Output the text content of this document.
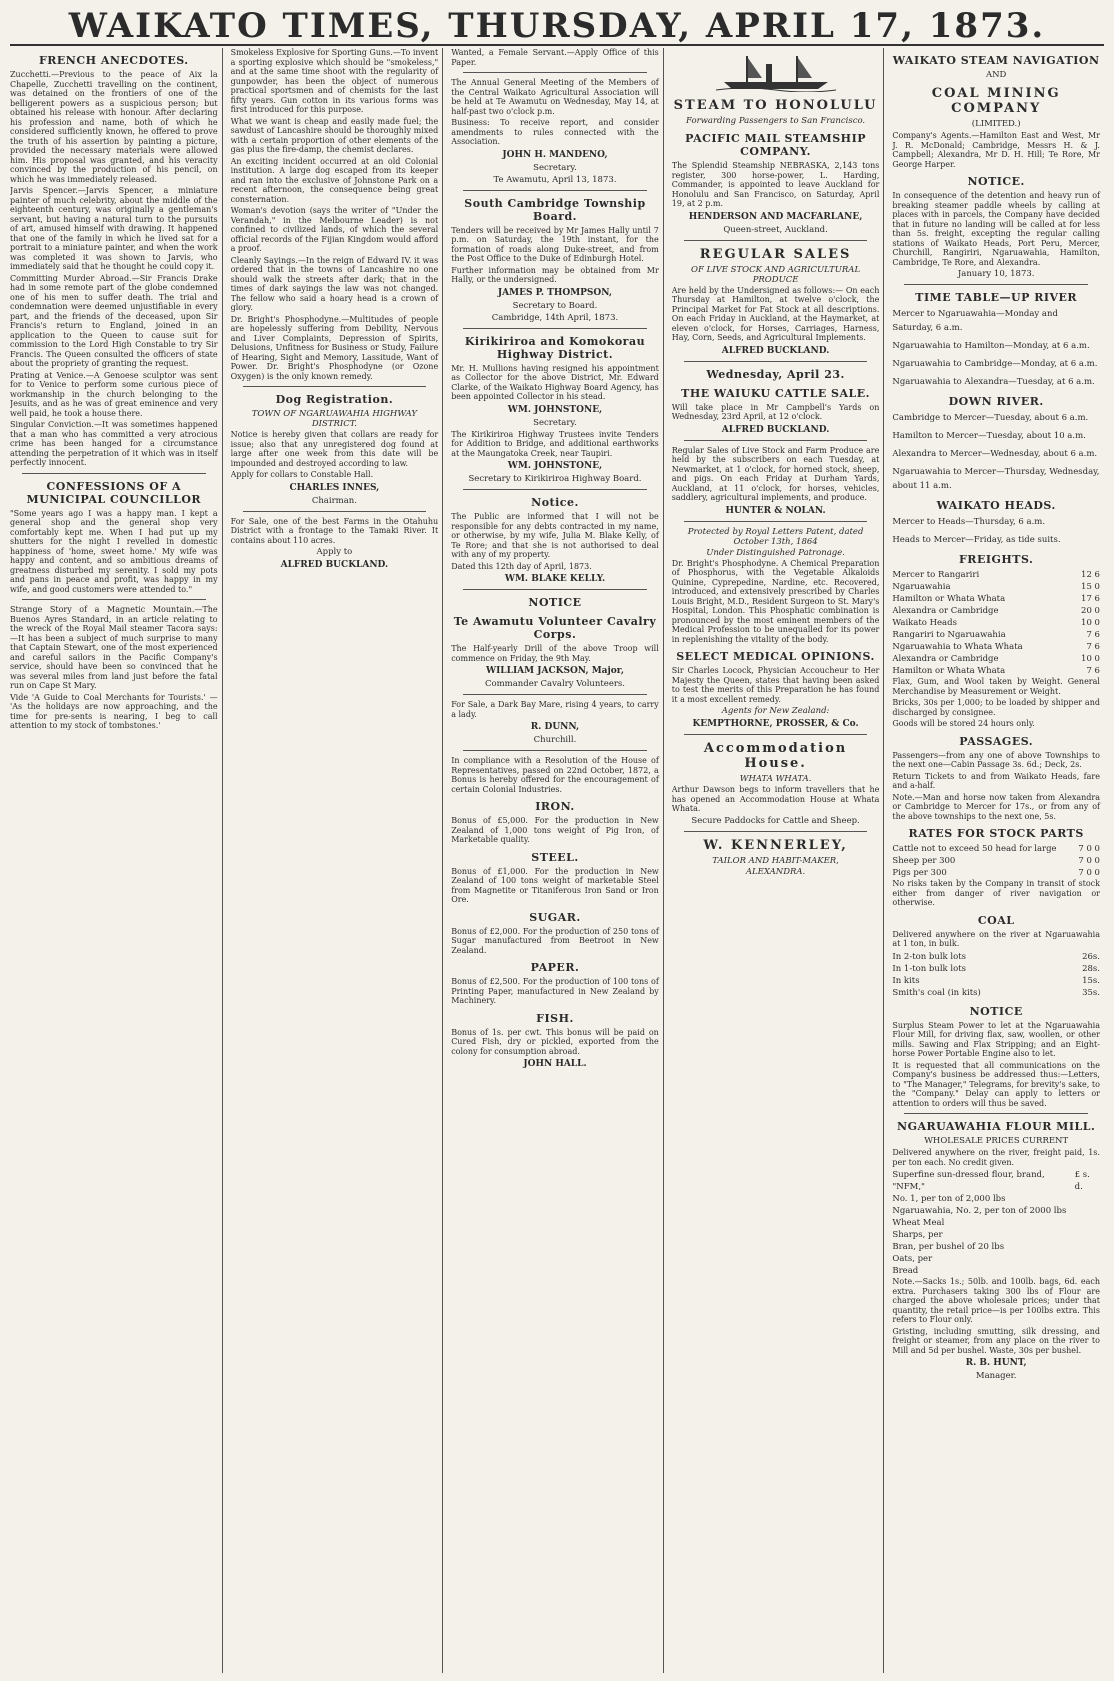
WAIKATO TIMES, THURSDAY, APRIL 17, 1873.
FRENCH ANECDOTES.

Zucchetti.—Previous to the peace of Aix la Chapelle, Zucchetti travelling on the continent, was detained on the frontiers of one of the belligerent powers as a suspicious person; but obtained his release with honour. After declaring his profession and name, both of which he considered sufficiently known, he offered to prove the truth of his assertion by painting a picture, provided the necessary materials were allowed him. His proposal was granted, and his veracity convinced by the production of his pencil, on which he was immediately released.

Jarvis Spencer.—Jarvis Spencer, a miniature painter of much celebrity, about the middle of the eighteenth century, was originally a gentleman's servant, but having a natural turn to the pursuits of art, amused himself with drawing. It happened that one of the family in which he lived sat for a portrait to a miniature painter, and when the work was completed it was shown to Jarvis, who immediately said that he thought he could copy it.

Committing Murder Abroad.—Sir Francis Drake had in some remote part of the globe condemned one of his men to suffer death. The trial and condemnation were deemed unjustifiable in every part, and the friends of the deceased, upon Sir Francis's return to England, joined in an application to the Queen to cause suit for commission to the Lord High Constable to try Sir Francis. The Queen consulted the officers of state about the propriety of granting the request.

Prating at Venice.—A Genoese sculptor was sent for to Venice to perform some curious piece of workmanship in the church belonging to the Jesuits, and as he was of great eminence and very well paid, he took a house there.

Singular Conviction.—It was sometimes happened that a man who has committed a very atrocious crime has been hanged for a circumstance attending the perpetration of it which was in itself perfectly innocent.

CONFESSIONS OF A MUNICIPAL COUNCILLOR

"Some years ago I was a happy man. I kept a general shop and the general shop very comfortably kept me. When I had put up my shutters for the night I revelled in domestic happiness of 'home, sweet home.' My wife was happy and content, and so ambitious dreams of greatness disturbed my serenity. I sold my pots and pans in peace and profit, was happy in my wife, and good customers were attended to."

Strange Story of a Magnetic Mountain.—The Buenos Ayres Standard, in an article relating to the wreck of the Royal Mail steamer Tacora says:—It has been a subject of much surprise to many that Captain Stewart, one of the most experienced and careful sailors in the Pacific Company's service, should have been so convinced that he was several miles from land just before the fatal run on Cape St Mary.

Vide 'A Guide to Coal Merchants for Tourists.' — 'As the holidays are now approaching, and the time for pre-sents is nearing, I beg to call attention to my stock of tombstones.'

Smokeless Explosive for Sporting Guns.—To invent a sporting explosive which should be "smokeless," and at the same time shoot with the regularity of gunpowder, has been the object of numerous practical sportsmen and of chemists for the last fifty years. Gun cotton in its various forms was first introduced for this purpose.

What we want is cheap and easily made fuel; the sawdust of Lancashire should be thoroughly mixed with a certain proportion of other elements of the gas plus the fire-damp, the chemist declares.

An exciting incident occurred at an old Colonial institution. A large dog escaped from its keeper and ran into the exclusive of Johnstone Park on a recent afternoon, the consequence being great consternation.

Woman's devotion (says the writer of "Under the Verandah," in the Melbourne Leader) is not confined to civilized lands, of which the several official records of the Fijian Kingdom would afford a proof.

Cleanly Sayings.—In the reign of Edward IV. it was ordered that in the towns of Lancashire no one should walk the streets after dark; that in the times of dark sayings the law was not changed. The fellow who said a hoary head is a crown of glory.

Dr. Bright's Phosphodyne.—Multitudes of people are hopelessly suffering from Debility, Nervous and Liver Complaints, Depression of Spirits, Delusions, Unfitness for Business or Study, Failure of Hearing, Sight and Memory, Lassitude, Want of Power. Dr. Bright's Phosphodyne (or Ozone Oxygen) is the only known remedy.

Dog Registration.
TOWN OF NGARUAWAHIA HIGHWAY DISTRICT.

Notice is hereby given that collars are ready for issue; also that any unregistered dog found at large after one week from this date will be impounded and destroyed according to law.

Apply for collars to Constable Hall.

CHARLES INNES,
Chairman.

For Sale, one of the best Farms in the Otahuhu District with a frontage to the Tamaki River. It contains about 110 acres.

Apply to
ALFRED BUCKLAND.

Wanted, a Female Servant.—Apply Office of this Paper.

The Annual General Meeting of the Members of the Central Waikato Agricultural Association will be held at Te Awamutu on Wednesday, May 14, at half-past two o'clock p.m.

Business: To receive report, and consider amendments to rules connected with the Association.

JOHN H. MANDENO,
Secretary.
Te Awamutu, April 13, 1873.
South Cambridge Township Board.

Tenders will be received by Mr James Hally until 7 p.m. on Saturday, the 19th instant, for the formation of roads along Duke-street, and from the Post Office to the Duke of Edinburgh Hotel.

Further information may be obtained from Mr Hally, or the undersigned.

JAMES P. THOMPSON,
Secretary to Board.
Cambridge, 14th April, 1873.
Kirikiriroa and Komokorau Highway District.

Mr. H. Mullions having resigned his appointment as Collector for the above District, Mr. Edward Clarke, of the Waikato Highway Board Agency, has been appointed Collector in his stead.

WM. JOHNSTONE,
Secretary.

The Kirikiriroa Highway Trustees invite Tenders for Addition to Bridge, and additional earthworks at the Maungatoka Creek, near Taupiri.

WM. JOHNSTONE,
Secretary to Kirikiriroa Highway Board.
Notice.

The Public are informed that I will not be responsible for any debts contracted in my name, or otherwise, by my wife, Julia M. Blake Kelly, of Te Rore; and that she is not authorised to deal with any of my property.

Dated this 12th day of April, 1873.

WM. BLAKE KELLY.
NOTICE
Te Awamutu Volunteer Cavalry Corps.

The Half-yearly Drill of the above Troop will commence on Friday, the 9th May.

WILLIAM JACKSON, Major,
Commander Cavalry Volunteers.

For Sale, a Dark Bay Mare, rising 4 years, to carry a lady.

R. DUNN,
Churchill.

In compliance with a Resolution of the House of Representatives, passed on 22nd October, 1872, a Bonus is hereby offered for the encouragement of certain Colonial Industries.

IRON.

Bonus of £5,000. For the production in New Zealand of 1,000 tons weight of Pig Iron, of Marketable quality.

STEEL.

Bonus of £1,000. For the production in New Zealand of 100 tons weight of marketable Steel from Magnetite or Titaniferous Iron Sand or Iron Ore.

SUGAR.

Bonus of £2,000. For the production of 250 tons of Sugar manufactured from Beetroot in New Zealand.

PAPER.

Bonus of £2,500. For the production of 100 tons of Printing Paper, manufactured in New Zealand by Machinery.

FISH.

Bonus of 1s. per cwt. This bonus will be paid on Cured Fish, dry or pickled, exported from the colony for consumption abroad.

JOHN HALL.
STEAM TO HONOLULU
Forwarding Passengers to San Francisco.
PACIFIC MAIL STEAMSHIP COMPANY.

The Splendid Steamship NEBRASKA, 2,143 tons register, 300 horse-power, L. Harding, Commander, is appointed to leave Auckland for Honolulu and San Francisco, on Saturday, April 19, at 2 p.m.

HENDERSON AND MACFARLANE,
Queen-street, Auckland.
REGULAR SALES
OF LIVE STOCK AND AGRICULTURAL PRODUCE

Are held by the Undersigned as follows:— On each Thursday at Hamilton, at twelve o'clock, the Principal Market for Fat Stock at all descriptions. On each Friday in Auckland, at the Haymarket, at eleven o'clock, for Horses, Carriages, Harness, Hay, Corn, Seeds, and Agricultural Implements.

ALFRED BUCKLAND.
Wednesday, April 23.
THE WAIUKU CATTLE SALE.

Will take place in Mr Campbell's Yards on Wednesday, 23rd April, at 12 o'clock.

ALFRED BUCKLAND.

Regular Sales of Live Stock and Farm Produce are held by the subscribers on each Tuesday, at Newmarket, at 1 o'clock, for horned stock, sheep, and pigs. On each Friday at Durham Yards, Auckland, at 11 o'clock, for horses, vehicles, saddlery, agricultural implements, and produce.

HUNTER & NOLAN.
Protected by Royal Letters Patent, dated October 13th, 1864
Under Distinguished Patronage.

Dr. Bright's Phosphodyne. A Chemical Preparation of Phosphorus, with the Vegetable Alkaloids Quinine, Cyprepedine, Nardine, etc. Recovered, introduced, and extensively prescribed by Charles Louis Bright, M.D., Resident Surgeon to St. Mary's Hospital, London. This Phosphatic combination is pronounced by the most eminent members of the Medical Profession to be unequalled for its power in replenishing the vitality of the body.

SELECT MEDICAL OPINIONS.

Sir Charles Locock, Physician Accoucheur to Her Majesty the Queen, states that having been asked to test the merits of this Preparation he has found it a most excellent remedy.

Agents for New Zealand:
KEMPTHORNE, PROSSER, & Co.
Accommodation House.
WHATA WHATA.

Arthur Dawson begs to inform travellers that he has opened an Accommodation House at Whata Whata.

Secure Paddocks for Cattle and Sheep.
W. KENNERLEY,
TAILOR AND HABIT-MAKER,
ALEXANDRA.
WAIKATO STEAM NAVIGATION
AND
COAL MINING COMPANY
(LIMITED.)

Company's Agents.—Hamilton East and West, Mr J. R. McDonald; Cambridge, Messrs H. & J. Campbell; Alexandra, Mr D. H. Hill; Te Rore, Mr George Harper.

NOTICE.

In consequence of the detention and heavy run of breaking steamer paddle wheels by calling at places with in parcels, the Company have decided that in future no landing will be called at for less than 5s. freight, excepting the regular calling stations of Waikato Heads, Port Peru, Mercer, Churchill, Rangiriri, Ngaruawahia, Hamilton, Cambridge, Te Rore, and Alexandra.

January 10, 1873.
TIME TABLE—UP RIVER
Mercer to Ngaruawahia—Monday and Saturday, 6 a.m.
Ngaruawahia to Hamilton—Monday, at 6 a.m.
Ngaruawahia to Cambridge—Monday, at 6 a.m.
Ngaruawahia to Alexandra—Tuesday, at 6 a.m.
DOWN RIVER.
Cambridge to Mercer—Tuesday, about 6 a.m.
Hamilton to Mercer—Tuesday, about 10 a.m.
Alexandra to Mercer—Wednesday, about 6 a.m.
Ngaruawahia to Mercer—Thursday, Wednesday, about 11 a.m.
WAIKATO HEADS.
Mercer to Heads—Thursday, 6 a.m.
Heads to Mercer—Friday, as tide suits.
FREIGHTS.
Mercer to Rangariri	12 6
Ngaruawahia	15 0
Hamilton or Whata Whata	17 6
Alexandra or Cambridge	20 0
Waikato Heads	10 0
Rangariri to Ngaruawahia	7 6
Ngaruawahia to Whata Whata	7 6
Alexandra or Cambridge	10 0
Hamilton or Whata Whata	7 6

Flax, Gum, and Wool taken by Weight. General Merchandise by Measurement or Weight.

Bricks, 30s per 1,000; to be loaded by shipper and discharged by consignee.

Goods will be stored 24 hours only.

PASSAGES.

Passengers—from any one of above Townships to the next one—Cabin Passage 3s. 6d.; Deck, 2s.

Return Tickets to and from Waikato Heads, fare and a-half.

Note.—Man and horse now taken from Alexandra or Cambridge to Mercer for 17s., or from any of the above townships to the next one, 5s.

RATES FOR STOCK PARTS
Cattle not to exceed 50 head for large	7 0 0
Sheep per 300	7 0 0
Pigs per 300	7 0 0

No risks taken by the Company in transit of stock either from danger of river navigation or otherwise.

COAL

Delivered anywhere on the river at Ngaruawahia at 1 ton, in bulk.

In 2-ton bulk lots	26s.
In 1-ton bulk lots	28s.
In kits	15s.
Smith's coal (in kits)	35s.
NOTICE

Surplus Steam Power to let at the Ngaruawahia Flour Mill, for driving flax, saw, woollen, or other mills. Sawing and Flax Stripping; and an Eight-horse Power Portable Engine also to let.

It is requested that all communications on the Company's business be addressed thus:—Letters, to "The Manager," Telegrams, for brevity's sake, to the "Company." Delay can apply to letters or attention to orders will thus be saved.

NGARUAWAHIA FLOUR MILL.
WHOLESALE PRICES CURRENT

Delivered anywhere on the river, freight paid, 1s. per ton each. No credit given.

Superfine sun-dressed flour, brand, "NFM,"
£ s. d.
No. 1, per ton of 2,000 lbs
Ngaruawahia, No. 2, per ton of 2000 lbs
Wheat Meal
Sharps, per
Bran, per bushel of 20 lbs
Oats, per
Bread

Note.—Sacks 1s.; 50lb. and 100lb. bags, 6d. each extra. Purchasers taking 300 lbs of Flour are charged the above wholesale prices; under that quantity, the retail price—is per 100lbs extra. This refers to Flour only.

Gristing, including smutting, silk dressing, and freight or steamer, from any place on the river to Mill and 5d per bushel. Waste, 30s per bushel.

R. B. HUNT,
Manager.
